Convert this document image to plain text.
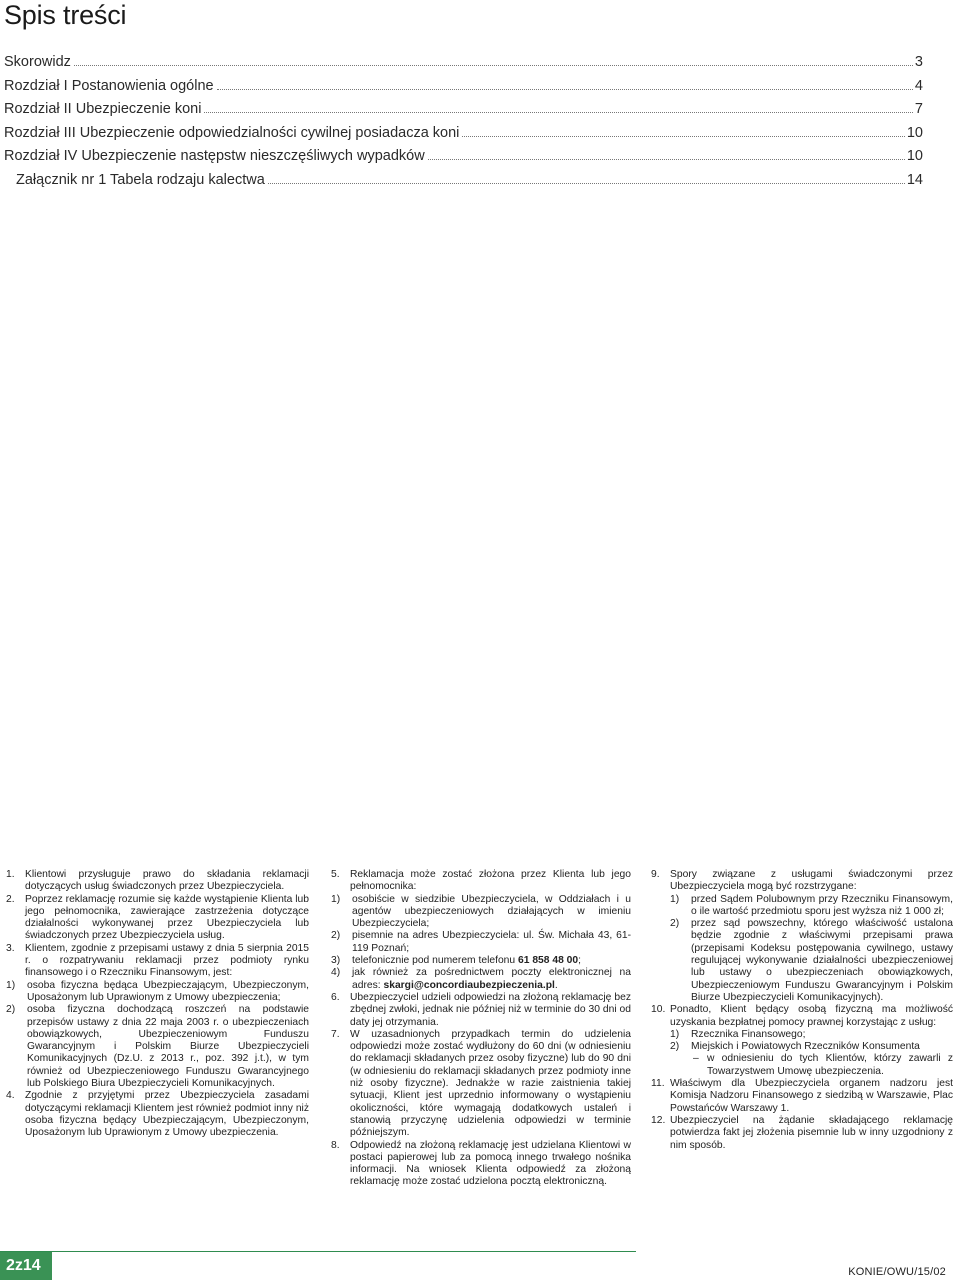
Spis treści
Skorowidz	3
Rozdział I Postanowienia ogólne	4
Rozdział II Ubezpieczenie koni	7
Rozdział III Ubezpieczenie odpowiedzialności cywilnej posiadacza koni	10
Rozdział IV Ubezpieczenie następstw nieszczęśliwych wypadków	10
Załącznik nr 1 Tabela rodzaju kalectwa	14

1. Klientowi przysługuje prawo do składania reklamacji dotyczących usług świadczonych przez Ubezpieczyciela.

2. Poprzez reklamację rozumie się każde wystąpienie Klienta lub jego pełnomocnika, zawierające zastrzeżenia dotyczące działalności wykonywanej przez Ubezpieczyciela lub świadczonych przez Ubezpieczyciela usług.

3. Klientem, zgodnie z przepisami ustawy z dnia 5 sierpnia 2015 r. o rozpatrywaniu reklamacji przez podmioty rynku finansowego i o Rzeczniku Finansowym, jest:

1) osoba fizyczna będąca Ubezpieczającym, Ubezpieczonym, Uposażonym lub Uprawionym z Umowy ubezpieczenia;

2) osoba fizyczna dochodzącą roszczeń na podstawie przepisów ustawy z dnia 22 maja 2003 r. o ubezpieczeniach obowiązkowych, Ubezpieczeniowym Funduszu Gwarancyjnym i Polskim Biurze Ubezpieczycieli Komunikacyjnych (Dz.U. z 2013 r., poz. 392 j.t.), w tym również od Ubezpieczeniowego Funduszu Gwarancyjnego lub Polskiego Biura Ubezpieczycieli Komunikacyjnych.

4. Zgodnie z przyjętymi przez Ubezpieczyciela zasadami dotyczącymi reklamacji Klientem jest również podmiot inny niż osoba fizyczna będący Ubezpieczającym, Ubezpieczonym, Uposażonym lub Uprawionym z Umowy ubezpieczenia.

5. Reklamacja może zostać złożona przez Klienta lub jego pełnomocnika:

1) osobiście w siedzibie Ubezpieczyciela, w Oddziałach i u agentów ubezpieczeniowych działających w imieniu Ubezpieczyciela;

2) pisemnie na adres Ubezpieczyciela: ul. Św. Michała 43, 61-119 Poznań;

3) telefonicznie pod numerem telefonu 61 858 48 00;

4) jak również za pośrednictwem poczty elektronicznej na adres: skargi@concordiaubezpieczenia.pl.

6. Ubezpieczyciel udzieli odpowiedzi na złożoną reklamację bez zbędnej zwłoki, jednak nie później niż w terminie do 30 dni od daty jej otrzymania.

7. W uzasadnionych przypadkach termin do udzielenia odpowiedzi może zostać wydłużony do 60 dni (w odniesieniu do reklamacji składanych przez osoby fizyczne) lub do 90 dni (w odniesieniu do reklamacji składanych przez podmioty inne niż osoby fizyczne). Jednakże w razie zaistnienia takiej sytuacji, Klient jest uprzednio informowany o wystąpieniu okoliczności, które wymagają dodatkowych ustaleń i stanowią przyczynę udzielenia odpowiedzi w terminie późniejszym.

8. Odpowiedź na złożoną reklamację jest udzielana Klientowi w postaci papierowej lub za pomocą innego trwałego nośnika informacji. Na wniosek Klienta odpowiedź za złożoną reklamację może zostać udzielona pocztą elektroniczną.

9. Spory związane z usługami świadczonymi przez Ubezpieczyciela mogą być rozstrzygane:

1) przed Sądem Polubownym przy Rzeczniku Finansowym, o ile wartość przedmiotu sporu jest wyższa niż 1 000 zł;

2) przez sąd powszechny, którego właściwość ustalona będzie zgodnie z właściwymi przepisami prawa (przepisami Kodeksu postępowania cywilnego, ustawy regulującej wykonywanie działalności ubezpieczeniowej lub ustawy o ubezpieczeniach obowiązkowych, Ubezpieczeniowym Funduszu Gwarancyjnym i Polskim Biurze Ubezpieczycieli Komunikacyjnych).

10. Ponadto, Klient będący osobą fizyczną ma możliwość uzyskania bezpłatnej pomocy prawnej korzystając z usług:

1) Rzecznika Finansowego;

2) Miejskich i Powiatowych Rzeczników Konsumenta

– w odniesieniu do tych Klientów, którzy zawarli z Towarzystwem Umowę ubezpieczenia.

11. Właściwym dla Ubezpieczyciela organem nadzoru jest Komisja Nadzoru Finansowego z siedzibą w Warszawie, Plac Powstańców Warszawy 1.

12. Ubezpieczyciel na żądanie składającego reklamację potwierdza fakt jej złożenia pisemnie lub w inny uzgodniony z nim sposób.

2z14	KONIE/OWU/15/02
